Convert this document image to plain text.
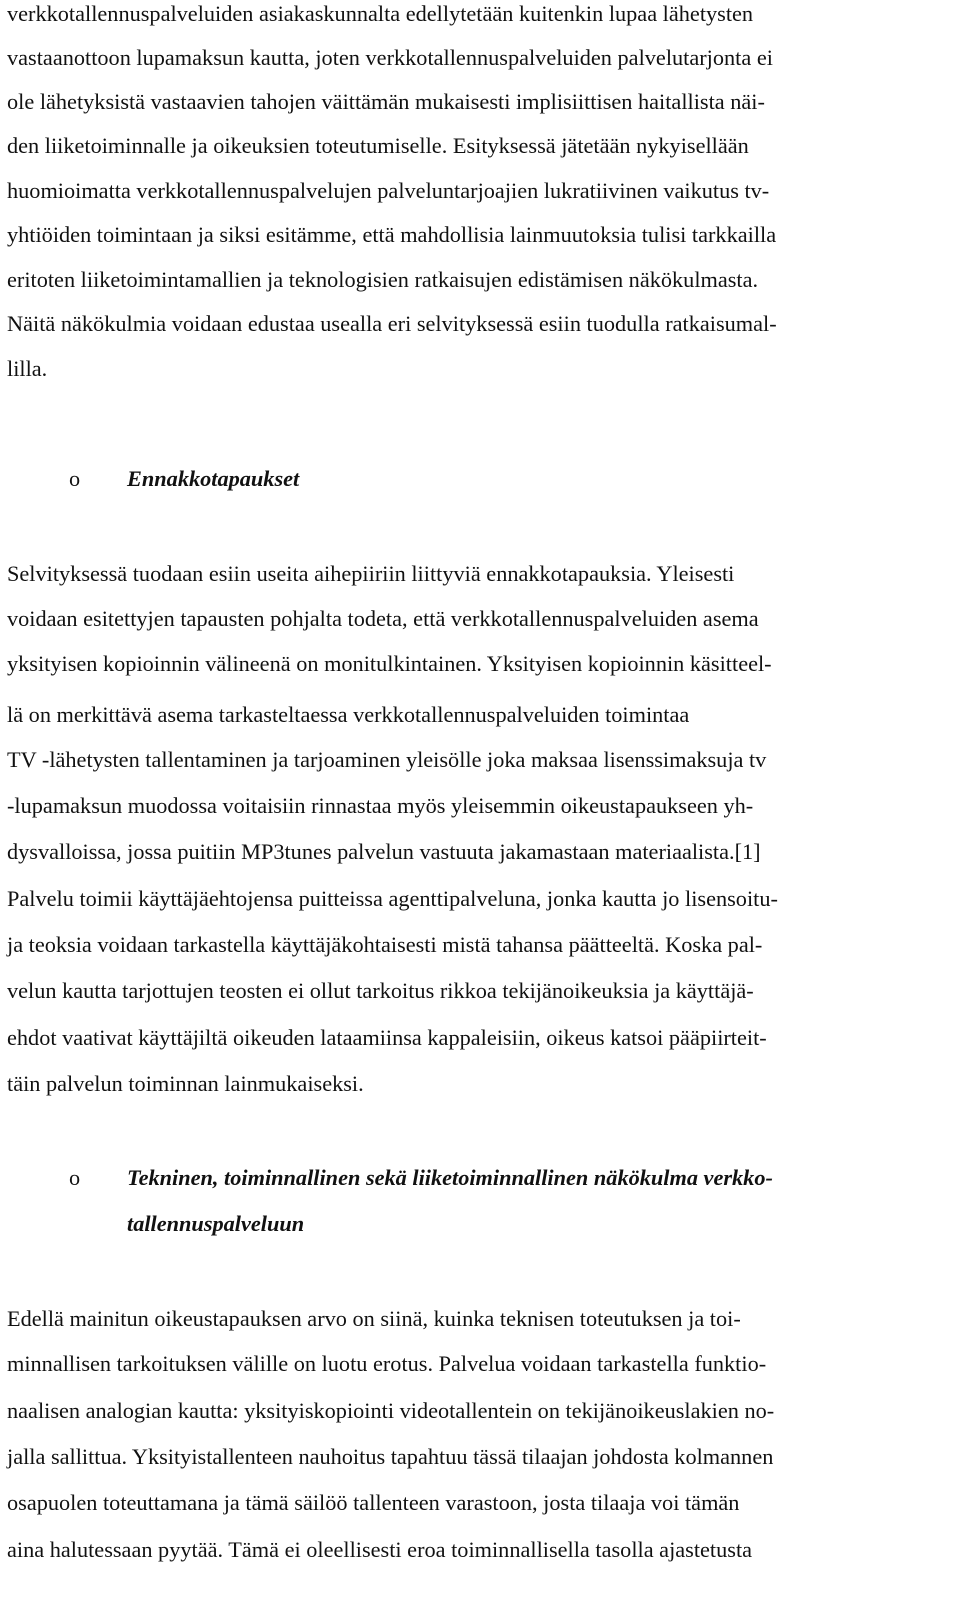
verkkotallennuspalveluiden asiakaskunnalta edellytetään kuitenkin lupaa lähetysten
vastaanottoon lupamaksun kautta, joten verkkotallennuspalveluiden palvelutarjonta ei
ole lähetyksistä vastaavien tahojen väittämän mukaisesti implisiittisen haitallista näi-
den liiketoiminnalle ja oikeuksien toteutumiselle. Esityksessä jätetään nykyisellään
huomioimatta verkkotallennuspalvelujen palveluntarjoajien lukratiivinen vaikutus tv-
yhtiöiden toimintaan ja siksi esitämme, että mahdollisia lainmuutoksia tulisi tarkkailla
eritoten liiketoimintamallien ja teknologisien ratkaisujen edistämisen näkökulmasta.
Näitä näkökulmia voidaan edustaa usealla eri selvityksessä esiin tuodulla ratkaisumal-
lilla.
o Ennakkotapaukset
Selvityksessä tuodaan esiin useita aihepiiriin liittyviä ennakkotapauksia. Yleisesti
voidaan esitettyjen tapausten pohjalta todeta, että verkkotallennuspalveluiden asema
yksityisen kopioinnin välineenä on monitulkintainen. Yksityisen kopioinnin käsitteel-
lä on merkittävä asema tarkasteltaessa verkkotallennuspalveluiden toimintaa
TV -lähetysten tallentaminen ja tarjoaminen yleisölle joka maksaa lisenssimaksuja tv
-lupamaksun muodossa voitaisiin rinnastaa myös yleisemmin oikeustapaukseen yh-
dysvalloissa, jossa puitiin MP3tunes palvelun vastuuta jakamastaan materiaalista.[1]
Palvelu toimii käyttäjäehtojensa puitteissa agenttipalveluna, jonka kautta jo lisensoitu-
ja teoksia voidaan tarkastella käyttäjäkohtaisesti mistä tahansa päätteeltä. Koska pal-
velun kautta tarjottujen teosten ei ollut tarkoitus rikkoa tekijänoikeuksia ja käyttäjä-
ehdot vaativat käyttäjiltä oikeuden lataamiinsa kappaleisiin, oikeus katsoi pääpiirteit-
täin palvelun toiminnan lainmukaiseksi.
o Tekninen, toiminnallinen sekä liiketoiminnallinen näkökulma verkko-
tallennuspalveluun
Edellä mainitun oikeustapauksen arvo on siinä, kuinka teknisen toteutuksen ja toi-
minnallisen tarkoituksen välille on luotu erotus. Palvelua voidaan tarkastella funktio-
naalisen analogian kautta: yksityiskopiointi videotallentein on tekijänoikeuslakien no-
jalla sallittua. Yksityistallenteen nauhoitus tapahtuu tässä tilaajan johdosta kolmannen
osapuolen toteuttamana ja tämä säilöö tallenteen varastoon, josta tilaaja voi tämän
aina halutessaan pyytää. Tämä ei oleellisesti eroa toiminnallisella tasolla ajastetusta
